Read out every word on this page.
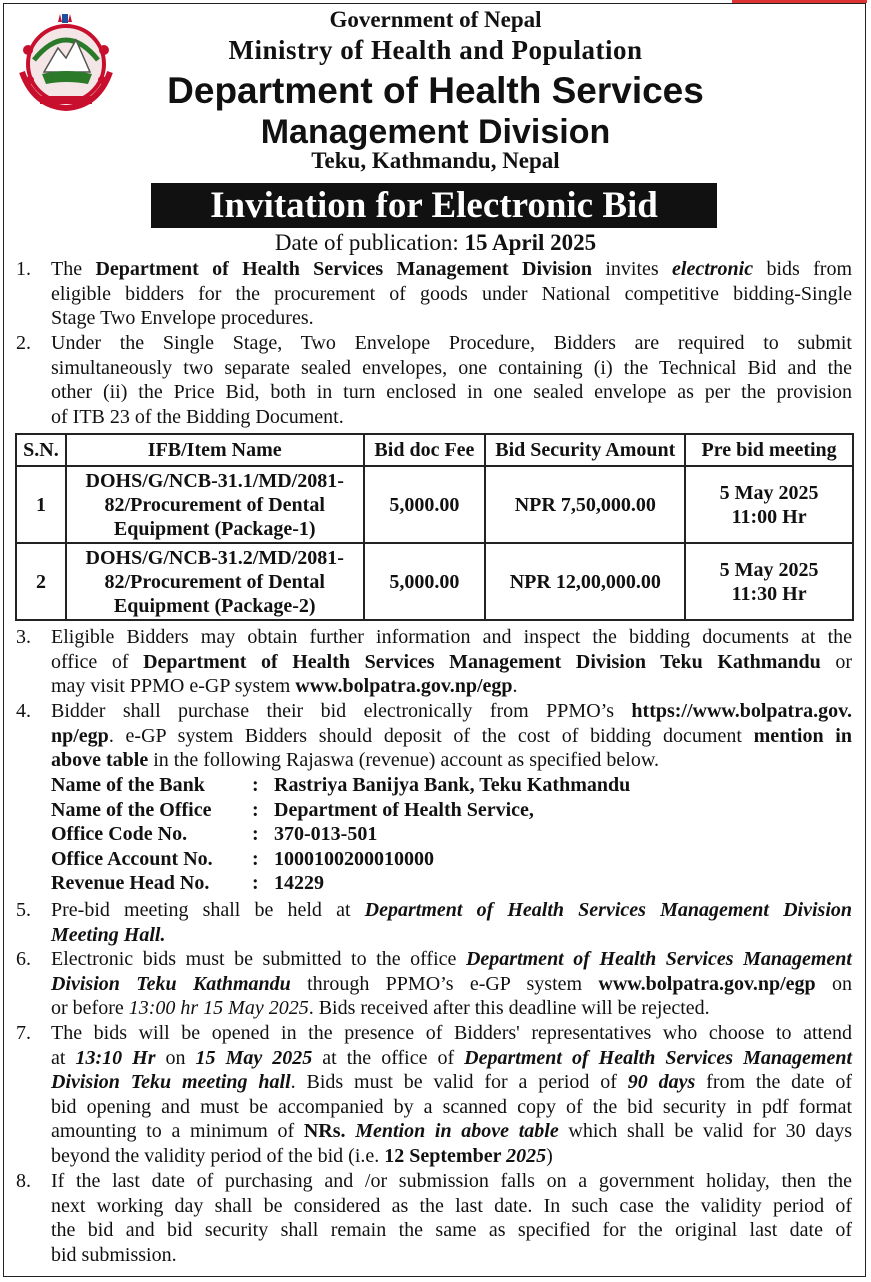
Government of Nepal
Ministry of Health and Population
Department of Health Services
Management Division
Teku, Kathmandu, Nepal
Invitation for Electronic Bid
Date of publication: 15 April 2025
1. The Department of Health Services Management Division invites electronic bids from
eligible bidders for the procurement of goods under National competitive bidding-Single
Stage Two Envelope procedures.
2. Under the Single Stage, Two Envelope Procedure, Bidders are required to submit
simultaneously two separate sealed envelopes, one containing (i) the Technical Bid and the
other (ii) the Price Bid, both in turn enclosed in one sealed envelope as per the provision
of ITB 23 of the Bidding Document.
S.N.	IFB/Item Name	Bid doc Fee	Bid Security Amount	Pre bid meeting
1	DOHS/G/NCB-31.1/MD/2081-
82/Procurement of Dental
Equipment (Package-1)	5,000.00	NPR 7,50,000.00	5 May 2025
11:00 Hr
2	DOHS/G/NCB-31.2/MD/2081-
82/Procurement of Dental
Equipment (Package-2)	5,000.00	NPR 12,00,000.00	5 May 2025
11:30 Hr
3. Eligible Bidders may obtain further information and inspect the bidding documents at the
office of Department of Health Services Management Division Teku Kathmandu or
may visit PPMO e-GP system www.bolpatra.gov.np/egp.
4. Bidder shall purchase their bid electronically from PPMO’s https://www.bolpatra.gov.
np/egp. e-GP system Bidders should deposit of the cost of bidding document mention in
above table in the following Rajaswa (revenue) account as specified below.
Name of the Bank : Rastriya Banijya Bank, Teku Kathmandu
Name of the Office : Department of Health Service,
Office Code No.	: 370-013-501
Office Account No. : 1000100200010000
Revenue Head No. : 14229
5. Pre-bid meeting shall be held at Department of Health Services Management Division
Meeting Hall.
6. Electronic bids must be submitted to the office Department of Health Services Management
Division Teku Kathmandu through PPMO’s e-GP system www.bolpatra.gov.np/egp on
or before 13:00 hr 15 May 2025. Bids received after this deadline will be rejected.
7. The bids will be opened in the presence of Bidders' representatives who choose to attend
at 13:10 Hr on 15 May 2025 at the office of Department of Health Services Management
Division Teku meeting hall. Bids must be valid for a period of 90 days from the date of
bid opening and must be accompanied by a scanned copy of the bid security in pdf format
amounting to a minimum of NRs. Mention in above table which shall be valid for 30 days
beyond the validity period of the bid (i.e. 12 September 2025)
8. If the last date of purchasing and /or submission falls on a government holiday, then the
next working day shall be considered as the last date. In such case the validity period of
the bid and bid security shall remain the same as specified for the original last date of
bid submission.
